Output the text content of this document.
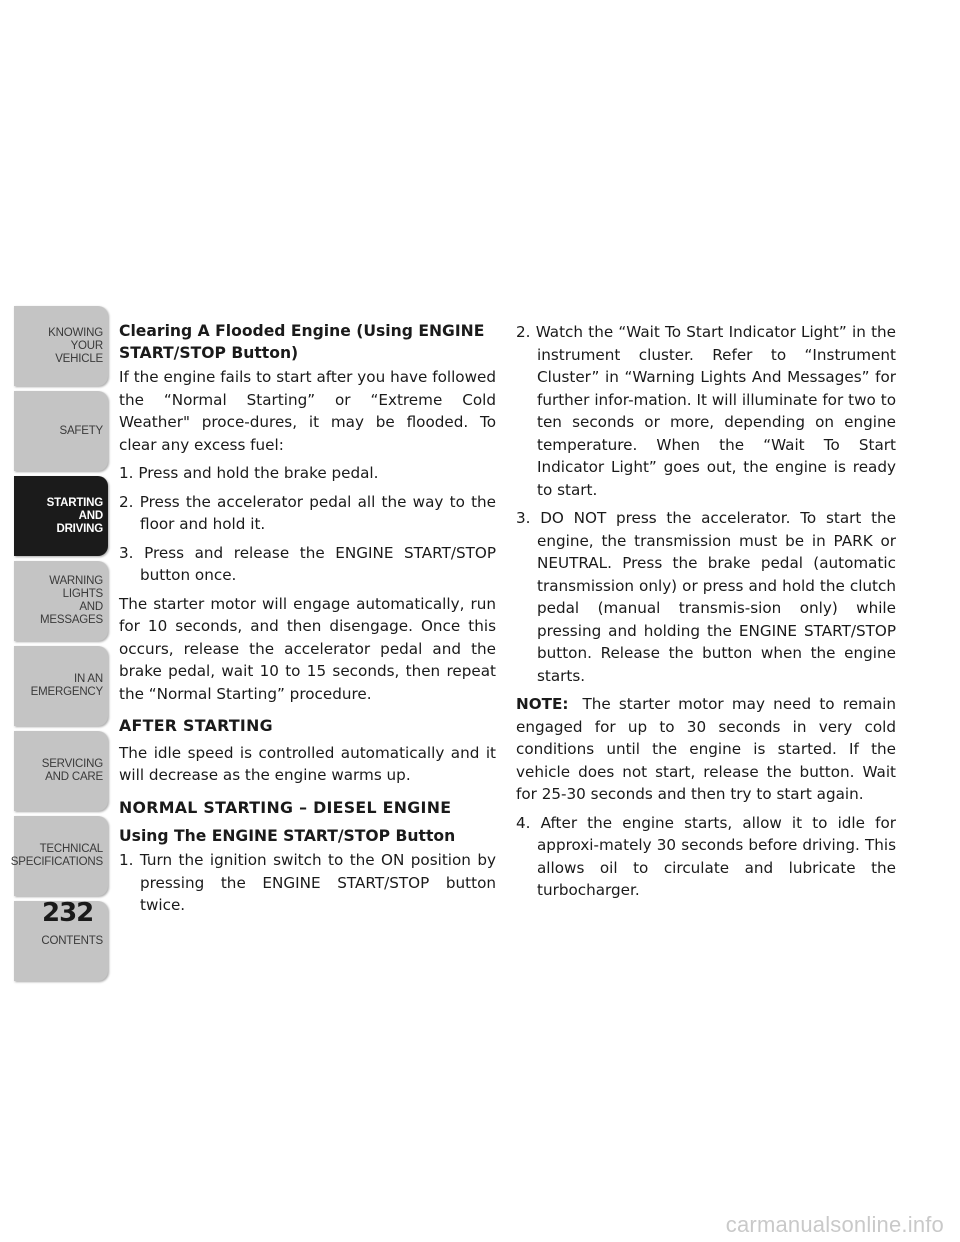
KNOWING
YOUR
VEHICLE
SAFETY
STARTING
AND
DRIVING
WARNING
LIGHTS
AND
MESSAGES
IN AN
EMERGENCY
SERVICING
AND CARE
TECHNICAL
SPECIFICATIONS
CONTENTS
232
Clearing A Flooded Engine (Using ENGINE START/STOP Button)

If the engine fails to start after you have followed the “Normal Starting” or “Extreme Cold Weather" proce-dures, it may be flooded. To clear any excess fuel:

1. Press and hold the brake pedal.
2. Press the accelerator pedal all the way to the floor and hold it.
3. Press and release the ENGINE START/STOP button once.

The starter motor will engage automatically, run for 10 seconds, and then disengage. Once this occurs, release the accelerator pedal and the brake pedal, wait 10 to 15 seconds, then repeat the “Normal Starting” procedure.

AFTER STARTING

The idle speed is controlled automatically and it will decrease as the engine warms up.

NORMAL STARTING – DIESEL ENGINE
Using The ENGINE START/STOP Button
1. Turn the ignition switch to the ON position by pressing the ENGINE START/STOP button twice.
2. Watch the “Wait To Start Indicator Light” in the instrument cluster. Refer to “Instrument Cluster” in “Warning Lights And Messages” for further infor-mation. It will illuminate for two to ten seconds or more, depending on engine temperature. When the “Wait To Start Indicator Light” goes out, the engine is ready to start.
3. DO NOT press the accelerator. To start the engine, the transmission must be in PARK or NEUTRAL. Press the brake pedal (automatic transmission only) or press and hold the clutch pedal (manual transmis-sion only) while pressing and holding the ENGINE START/STOP button. Release the button when the engine starts.

NOTE: The starter motor may need to remain engaged for up to 30 seconds in very cold conditions until the engine is started. If the vehicle does not start, release the button. Wait for 25-30 seconds and then try to start again.

4. After the engine starts, allow it to idle for approxi-mately 30 seconds before driving. This allows oil to circulate and lubricate the turbocharger.
carmanualsonline.info
